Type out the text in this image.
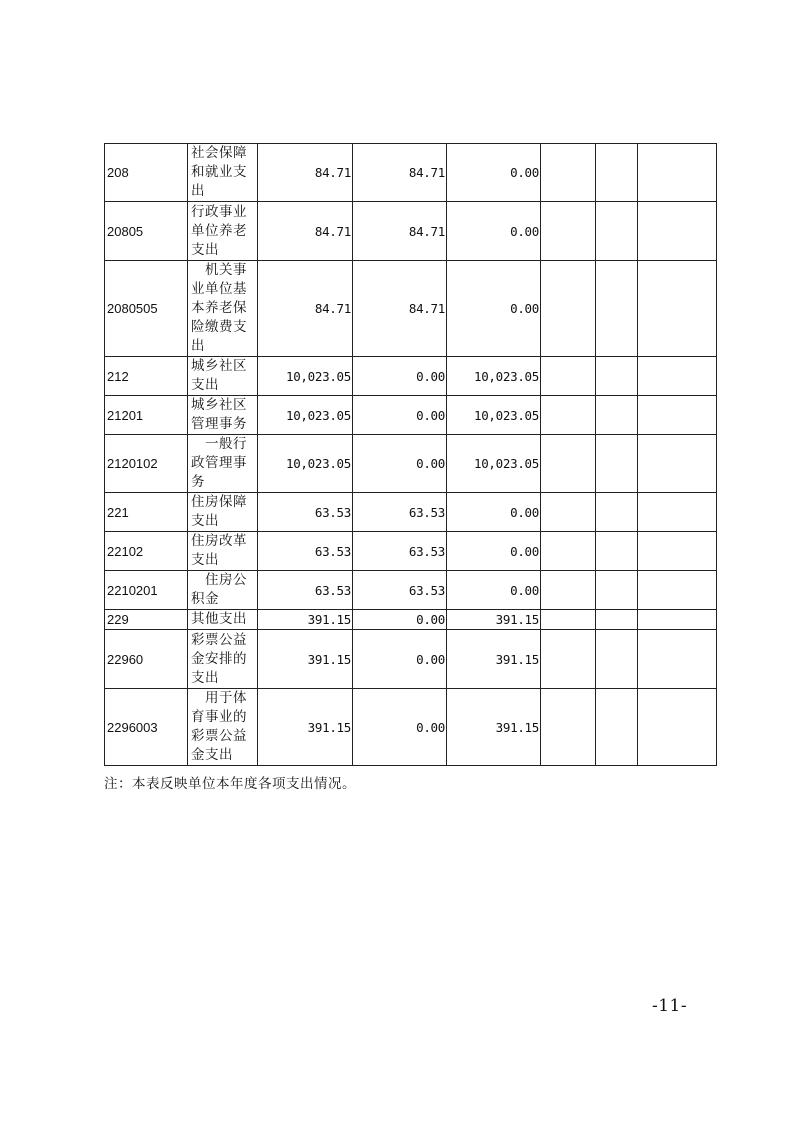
208	社会保障和就业支出	84.71	84.71	0.00			
20805	行政事业单位养老支出	84.71	84.71	0.00			
2080505	机关事业单位基本养老保险缴费支出	84.71	84.71	0.00			
212	城乡社区支出	10,023.05	0.00	10,023.05			
21201	城乡社区管理事务	10,023.05	0.00	10,023.05			
2120102	一般行政管理事务	10,023.05	0.00	10,023.05			
221	住房保障支出	63.53	63.53	0.00			
22102	住房改革支出	63.53	63.53	0.00			
2210201	住房公积金	63.53	63.53	0.00			
229	其他支出	391.15	0.00	391.15			
22960	彩票公益金安排的支出	391.15	0.00	391.15			
2296003	用于体育事业的彩票公益金支出	391.15	0.00	391.15			
注：本表反映单位本年度各项支出情况。
-11-
